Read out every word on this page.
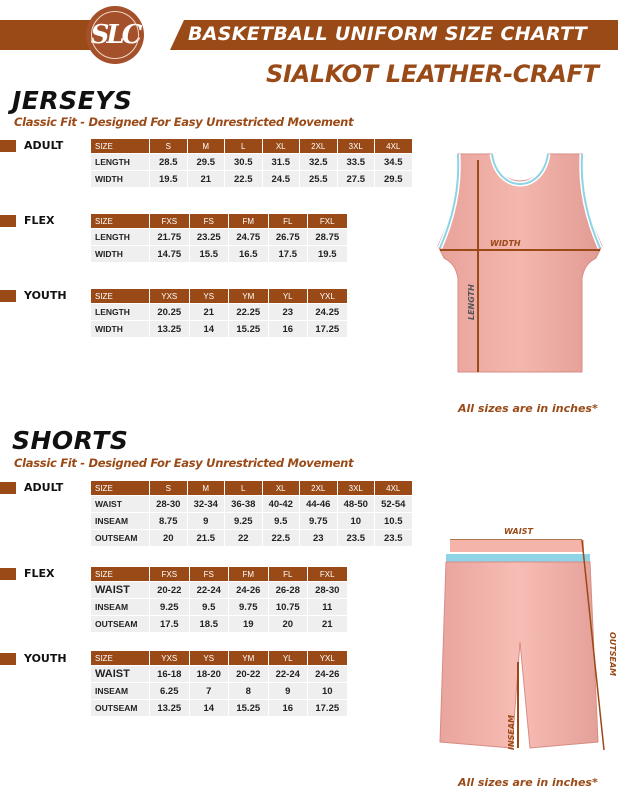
BASKETBALL UNIFORM SIZE CHARTT
SLC
SIALKOT LEATHER-CRAFT
JERSEYS
Classic Fit - Designed For Easy Unrestricted Movement
ADULT	SIZE	S	M	L	XL	2XL	3XL	4XL
LENGTH	28.5	29.5	30.5	31.5	32.5	33.5	34.5
WIDTH	19.5	21	22.5	24.5	25.5	27.5	29.5
FLEX	SIZE	FXS	FS	FM	FL	FXL
LENGTH	21.75	23.25	24.75	26.75	28.75
WIDTH	14.75	15.5	16.5	17.5	19.5
YOUTH	SIZE	YXS	YS	YM	YL	YXL
LENGTH	20.25	21	22.25	23	24.25
WIDTH	13.25	14	15.25	16	17.25
WIDTH
LENGTH
All sizes are in inches*
SHORTS
Classic Fit - Designed For Easy Unrestricted Movement
ADULT	SIZE	S	M	L	XL	2XL	3XL	4XL
WAIST	28-30	32-34	36-38	40-42	44-46	48-50	52-54
INSEAM	8.75	9	9.25	9.5	9.75	10	10.5
OUTSEAM	20	21.5	22	22.5	23	23.5	23.5
FLEX	SIZE	FXS	FS	FM	FL	FXL
WAIST	20-22	22-24	24-26	26-28	28-30
INSEAM	9.25	9.5	9.75	10.75	11
OUTSEAM	17.5	18.5	19	20	21
YOUTH	SIZE	YXS	YS	YM	YL	YXL
WAIST	16-18	18-20	20-22	22-24	24-26
INSEAM	6.25	7	8	9	10
OUTSEAM	13.25	14	15.25	16	17.25
WAIST
INSEAM
OUTSEAM
All sizes are in inches*
